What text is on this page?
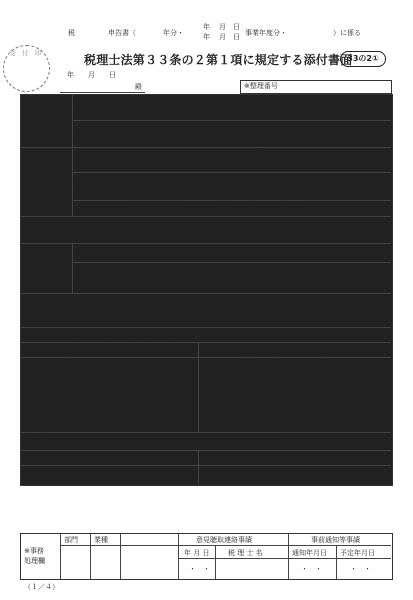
税	申告書（	年分・
年
年
月　日
月　日 事業年度分・	）に係る
税理士法第３３条の２第１項に規定する添付書面
33の2①
受　付　印
年　　月　　日
殿	※整理番号
税理士又は
税理士法人
氏名又は名称	㊞
事務所の所在地
電話（　　）　　－
書面作成に
係る税理士
氏　　　　名	㊞
事務所の所在地
電話（　　）　　－
所属税理士会等	税理士会　　　支部　登録番号　第　　　　号
税務代理権限証書の提出	有（　　　　　　　　　　　　　　　　　　　）・無
依　頼　者
氏名又は名称
住所又は事務所
の　所　在　地
電話（　　）　　－
私（当法人）が申告書の作成に関し、計算し、整理し、又は相談に応じた事項は、下記の
１から４に掲げる事項であります。
１　自ら作成記入した帳簿書類に記載されている事項
帳　簿　書　類　の　名　称	作成記入の基礎となった書類等
２　提示を受けた帳簿書類（備考欄の帳簿書類を除く。）に記載されている事項
帳　簿　書　類　の　名　称	備　　　　　　　　考
※事務
処理欄
部門 業種	意見聴取連絡事績
年 月 日	税 理 士 名
事前通知等事績
通知年月日 予定年月日
・　・	・　・	・　・
（１／４）
